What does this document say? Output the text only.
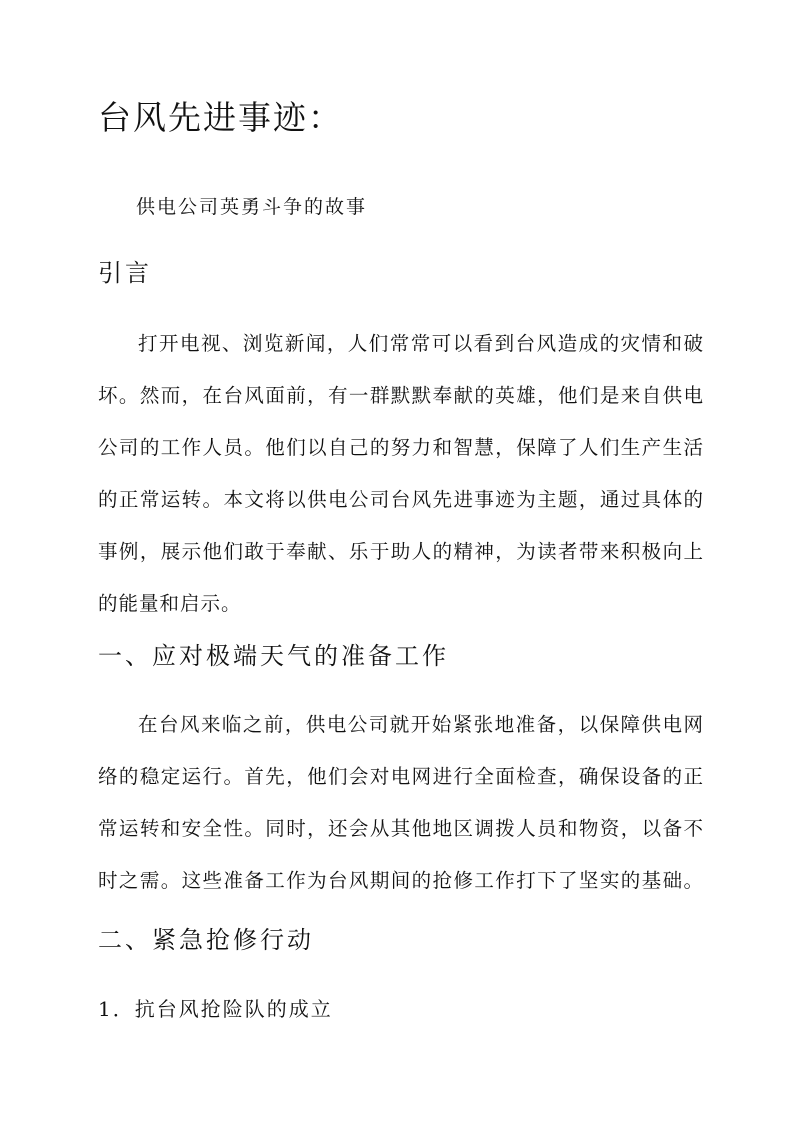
台风先进事迹：
供电公司英勇斗争的故事
引言
打开电视、浏览新闻，人们常常可以看到台风造成的灾情和破
坏。然而，在台风面前，有一群默默奉献的英雄，他们是来自供电
公司的工作人员。他们以自己的努力和智慧，保障了人们生产生活
的正常运转。本文将以供电公司台风先进事迹为主题，通过具体的
事例，展示他们敢于奉献、乐于助人的精神，为读者带来积极向上
的能量和启示。
一、应对极端天气的准备工作
在台风来临之前，供电公司就开始紧张地准备，以保障供电网
络的稳定运行。首先，他们会对电网进行全面检查，确保设备的正
常运转和安全性。同时，还会从其他地区调拨人员和物资，以备不
时之需。这些准备工作为台风期间的抢修工作打下了坚实的基础。
二、紧急抢修行动
1．抗台风抢险队的成立
